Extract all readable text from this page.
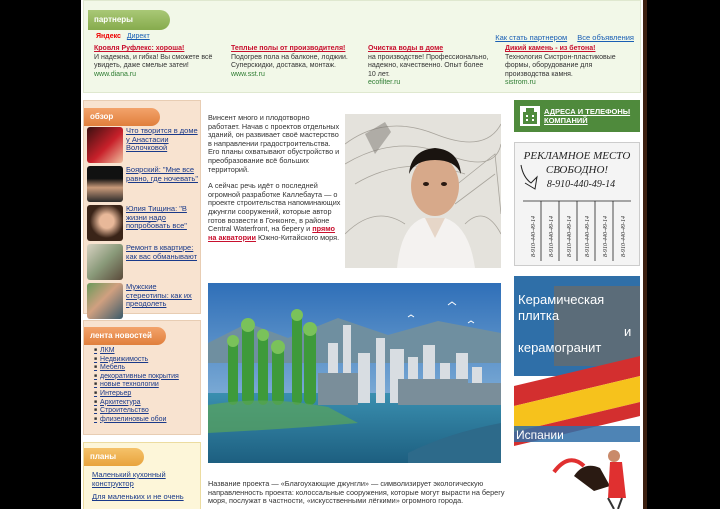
партнеры
Яндекс Директ	Как стать партнером Все объявления
Кровля Руфлекс: хороша!
И надежна, и гибка! Вы сможете всё увидеть, даже смелые затеи!
www.diana.ru
Теплые полы от производителя!
Подогрев пола на балконе, лоджии. Суперскидки, доставка, монтаж.
www.sst.ru
Очистка воды в доме
на производстве! Профессионально, надежно, качественно. Опыт более 10 лет.
ecofilter.ru
Дикий камень - из бетона!
Технология Систрон-пластиковые формы, оборудование для производства камня.
sistrom.ru
обзор
Что творится в доме у Анастасии Волочковой
Боярский: "Мне все равно, где ночевать"
Юлия Тищина: "В жизни надо попробовать все"
Ремонт в квартире: как вас обманывают
Мужские стереотипы: как их преодолеть
лента новостей
■ ЛКМ
■ Недвижимость
■ Мебель
■ декоративные покрытия
■ новые технологии
■ Интерьер
■ Архитектура
■ Строительство
■ флизелиновые обои
планы
Маленький кухонный конструктор
Для маленьких и не очень

Винсент много и плодотворно работает. Начав с проектов отдельных зданий, он развивает своё мастерство в направлении градостроительства. Его планы охватывают обустройство и преобразование всё больших территорий.

А сейчас речь идёт о последней огромной разработке Каллебаута — о проекте строительства напоминающих джунгли сооружений, которые автор готов возвести в Гонконге, в районе Central Waterfront, на берегу и прямо на акватории Южно-Китайского моря.

Название проекта — «Благоухающие джунгли» — символизирует экологическую направленность проекта: колоссальные сооружения, которые могут вырасти на берегу моря, послужат в частности, «искусственными лёгкими» огромного города.
АДРЕСА И ТЕЛЕФОНЫ КОМПАНИЙ
РЕКЛАМНОЕ МЕСТО
СВОБОДНО!
8-910-440-49-14
8-910-440-49-14 8-910-440-49-14 8-910-440-49-14 8-910-440-49-14 8-910-440-49-14 8-910-440-49-14
Керамическая
плитка
и
керамогранит
Испании
